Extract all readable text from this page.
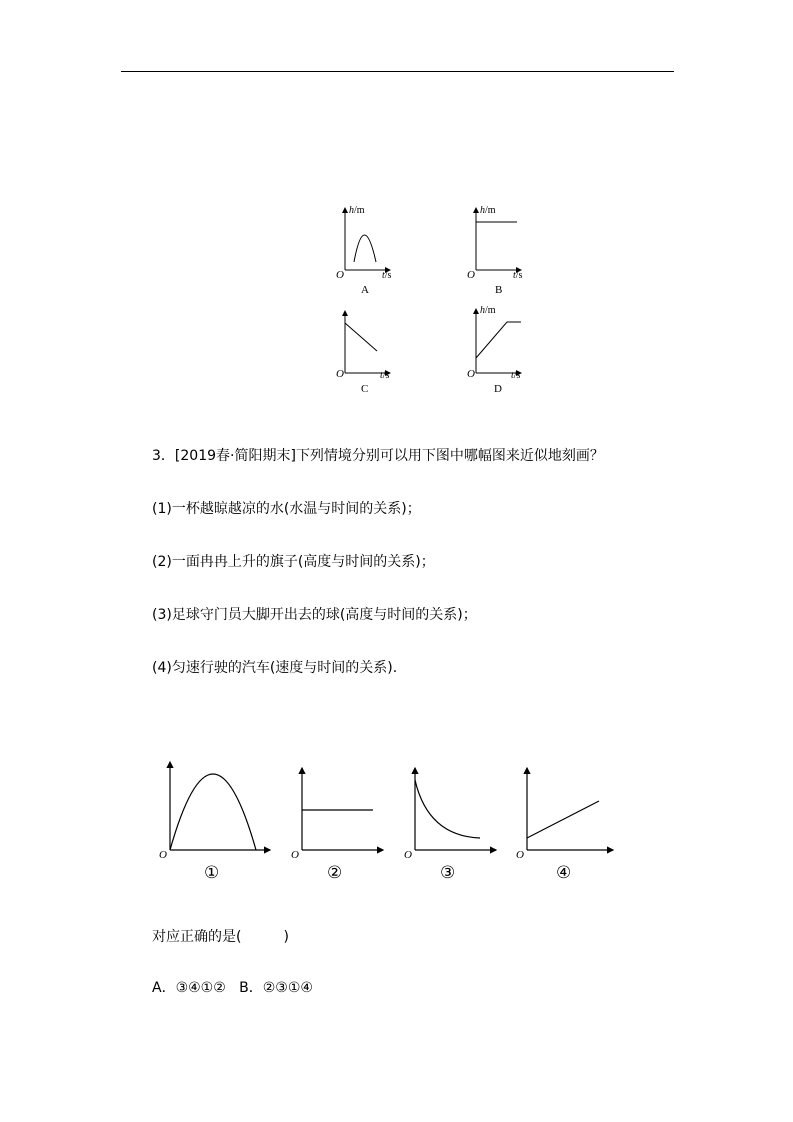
h/m
t/s
O
A
h/m
t/s
O
B
t/s
O
C
h/m
t/s
O
D
3．[2019春·简阳期末]下列情境分别可以用下图中哪幅图来近似地刻画？
(1)一杯越晾越凉的水(水温与时间的关系)；
(2)一面冉冉上升的旗子(高度与时间的关系)；
(3)足球守门员大脚开出去的球(高度与时间的关系)；
(4)匀速行驶的汽车(速度与时间的关系).
O
①
O
②
O
③
O
④
对应正确的是(	)
A．③④①②   B．②③①④
